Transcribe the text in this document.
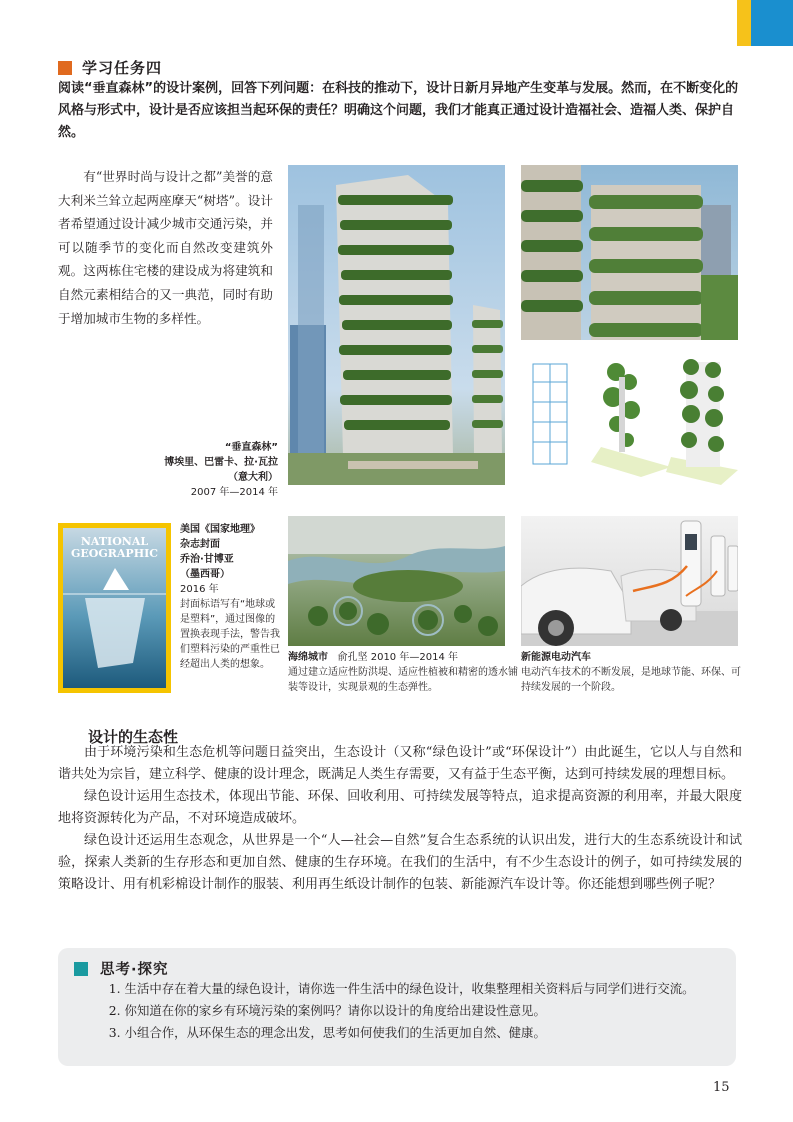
学习任务四

阅读“垂直森林”的设计案例，回答下列问题：在科技的推动下，设计日新月异地产生变革与发展。然而，在不断变化的风格与形式中，设计是否应该担当起环保的责任？明确这个问题，我们才能真正通过设计造福社会、造福人类、保护自然。

有“世界时尚与设计之都”美誉的意大利米兰耸立起两座摩天“树塔”。设计者希望通过设计减少城市交通污染，并可以随季节的变化而自然改变建筑外观。这两栋住宅楼的建设成为将建筑和自然元素相结合的又一典范，同时有助于增加城市生物的多样性。

“垂直森林”
博埃里、巴雷卡、拉·瓦拉（意大利）
2007 年—2014 年
NATIONAL GEOGRAPHIC
美国《国家地理》
杂志封面
乔治·甘博亚
（墨西哥）
2016 年
封面标语写有“地球或是塑料”，通过图像的置换表现手法，警告我们塑料污染的严重性已经超出人类的想象。
海绵城市 俞孔坚 2010 年—2014 年
通过建立适应性防洪堤、适应性植被和精密的透水铺装等设计，实现景观的生态弹性。
新能源电动汽车
电动汽车技术的不断发展，是地球节能、环保、可持续发展的一个阶段。
设计的生态性

由于环境污染和生态危机等问题日益突出，生态设计（又称“绿色设计”或“环保设计”）由此诞生，它以人与自然和谐共处为宗旨，建立科学、健康的设计理念，既满足人类生存需要，又有益于生态平衡，达到可持续发展的理想目标。

绿色设计运用生态技术，体现出节能、环保、回收利用、可持续发展等特点，追求提高资源的利用率，并最大限度地将资源转化为产品，不对环境造成破坏。

绿色设计还运用生态观念，从世界是一个“人—社会—自然”复合生态系统的认识出发，进行大的生态系统设计和试验，探索人类新的生存形态和更加自然、健康的生存环境。在我们的生活中，有不少生态设计的例子，如可持续发展的策略设计、用有机彩棉设计制作的服装、利用再生纸设计制作的包装、新能源汽车设计等。你还能想到哪些例子呢？

思考·探究

1. 生活中存在着大量的绿色设计，请你选一件生活中的绿色设计，收集整理相关资料后与同学们进行交流。

2. 你知道在你的家乡有环境污染的案例吗？请你以设计的角度给出建设性意见。

3. 小组合作，从环保生态的理念出发，思考如何使我们的生活更加自然、健康。

15
